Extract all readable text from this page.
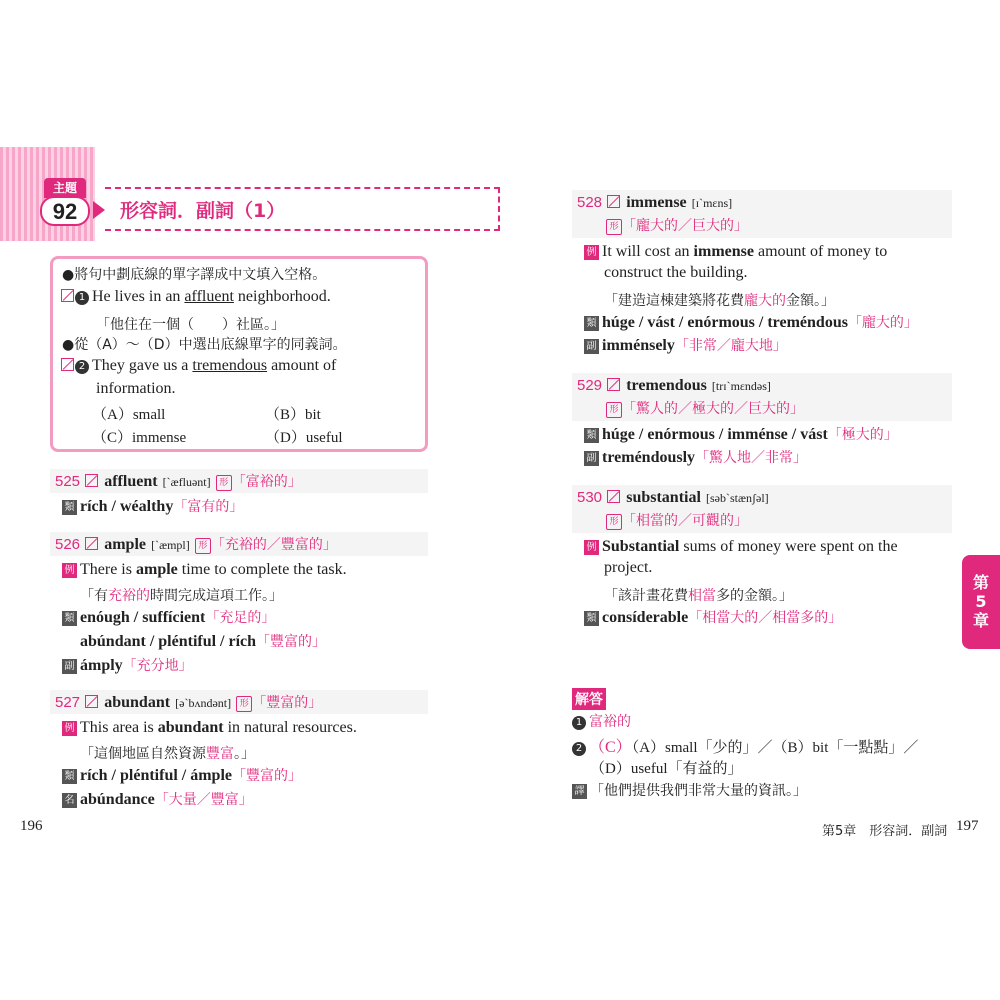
主題
92	形容詞．副詞（1）
●將句中劃底線的單字譯成中文填入空格。
1 He lives in an affluent neighborhood.
「他住在一個（　　）社區。」
●從（A）～（D）中選出底線單字的同義詞。
2 They gave us a tremendous amount of
information.
（A）small	（B）bit
（C）immense	（D）useful
525 affluent [ˋæfluənt] 形 「富裕的」
類 rích / wéalthy「富有的」
526 ample [ˋæmpl] 形 「充裕的／豐富的」
例 There is ample time to complete the task.
「有充裕的時間完成這項工作。」
類 enóugh / suffícient「充足的」
abúndant / pléntiful / rích「豐富的」
副 ámply「充分地」
527 abundant [əˋbʌndənt] 形 「豐富的」
例 This area is abundant in natural resources.
「這個地區自然資源豐富。」
類 rích / pléntiful / ámple「豐富的」
名 abúndance「大量／豐富」
196
528 immense [ɪˋmɛns]
形 「龐大的／巨大的」
例 It will cost an immense amount of money to
construct the building.
「建造這棟建築將花費龐大的金額。」
類 húge / vást / enórmous / treméndous「龐大的」
副 imménsely「非常／龐大地」
529 tremendous [trɪˋmɛndəs]
形 「驚人的／極大的／巨大的」
類 húge / enórmous / imménse / vást「極大的」
副 treméndously「驚人地／非常」
530 substantial [səbˋstænʃəl]
形 「相當的／可觀的」
例 Substantial sums of money were spent on the
project.
「該計畫花費相當多的金額。」
類 consíderable「相當大的／相當多的」
第
5
章
解答
1 富裕的
2 （C）（A）small「少的」／（B）bit「一點點」／
（D）useful「有益的」
譯 「他們提供我們非常大量的資訊。」
第5章　形容詞．副詞 197
